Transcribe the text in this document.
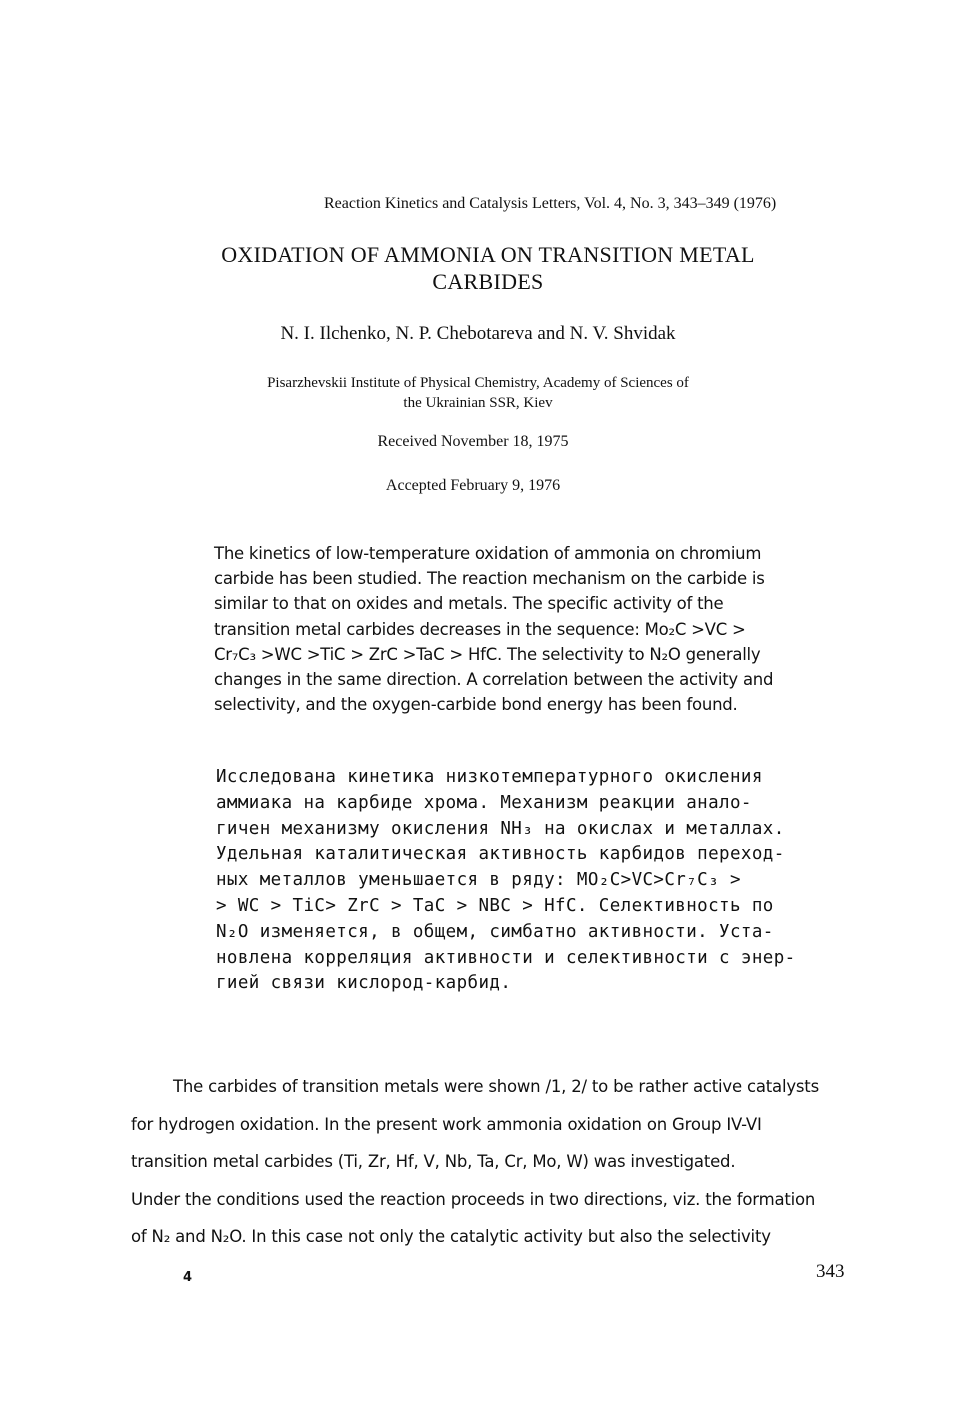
Reaction Kinetics and Catalysis Letters, Vol. 4, No. 3, 343–349 (1976)
OXIDATION OF AMMONIA ON TRANSITION METAL
CARBIDES
N. I. Ilchenko, N. P. Chebotareva and N. V. Shvidak
Pisarzhevskii Institute of Physical Chemistry, Academy of Sciences of
the Ukrainian SSR, Kiev
Received November 18, 1975
Accepted February 9, 1976
The kinetics of low-temperature oxidation of ammonia on chromium
carbide has been studied. The reaction mechanism on the carbide is
similar to that on oxides and metals. The specific activity of the
transition metal carbides decreases in the sequence: Mo₂C >VC >
Cr₇C₃ >WC >TiC > ZrC >TaC > HfC. The selectivity to N₂O generally
changes in the same direction. A correlation between the activity and
selectivity, and the oxygen-carbide bond energy has been found.
Исследована кинетика низкотемпературного окисления
аммиака на карбиде хрома. Механизм реакции анало-
гичен механизму окисления NH₃ на окислах и металлах.
Удельная каталитическая активность карбидов переход-
ных металлов уменьшается в ряду: MO₂C>VC>Cr₇C₃ >
> WC > TiC> ZrC > TaC > NBC > HfC. Селективность по
N₂O изменяется, в общем, симбатно активности. Уста-
новлена корреляция активности и селективности с энер-
гией связи кислород-карбид.
The carbides of transition metals were shown /1, 2/ to be rather active catalysts
for hydrogen oxidation. In the present work ammonia oxidation on Group IV-VI
transition metal carbides (Ti, Zr, Hf, V, Nb, Ta, Cr, Mo, W) was investigated.
Under the conditions used the reaction proceeds in two directions, viz. the formation
of N₂ and N₂O. In this case not only the catalytic activity but also the selectivity
4	343
